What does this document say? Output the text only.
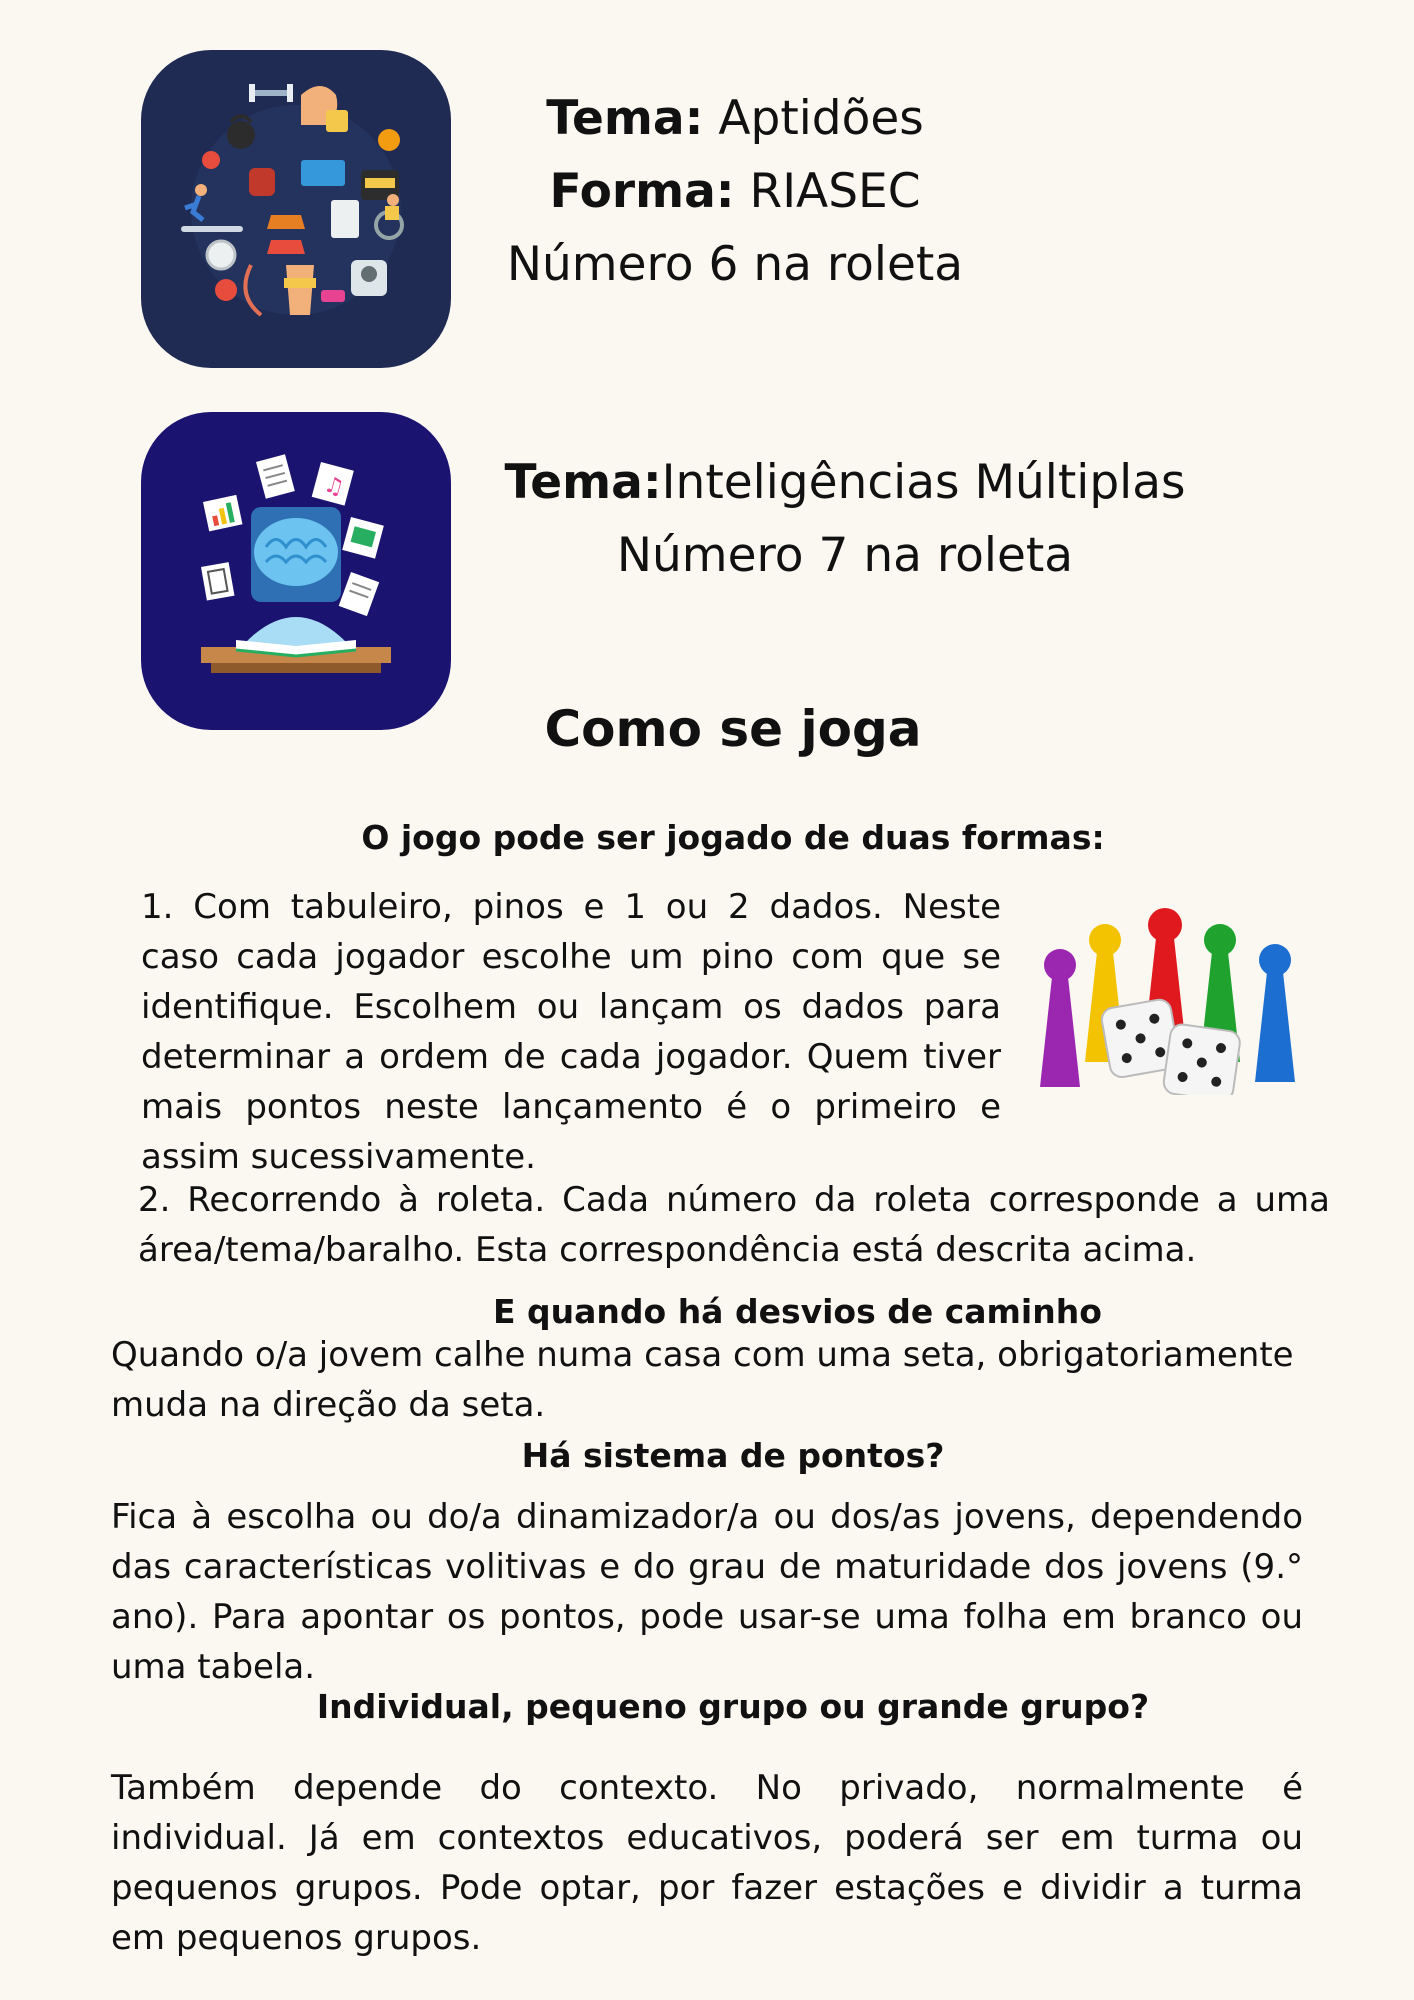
Tema: Aptidões
Forma: RIASEC
Número 6 na roleta
♫	Tema:Inteligências Múltiplas
Número 7 na roleta
Como se joga
O jogo pode ser jogado de duas formas:
1. Com tabuleiro, pinos e 1 ou 2 dados. Neste caso cada jogador escolhe um pino com que se identifique. Escolhem ou lançam os dados para determinar a ordem de cada jogador. Quem tiver mais pontos neste lançamento é o primeiro e assim sucessivamente.
2. Recorrendo à roleta. Cada número da roleta corresponde a uma área/tema/baralho. Esta correspondência está descrita acima.
E quando há desvios de caminho
Quando o/a jovem calhe numa casa com uma seta, obrigatoriamente muda na direção da seta.
Há sistema de pontos?
Fica à escolha ou do/a dinamizador/a ou dos/as jovens, dependendo das características volitivas e do grau de maturidade dos jovens (9.° ano). Para apontar os pontos, pode usar-se uma folha em branco ou uma tabela.
Individual, pequeno grupo ou grande grupo?
Também depende do contexto. No privado, normalmente é individual. Já em contextos educativos, poderá ser em turma ou pequenos grupos. Pode optar, por fazer estações e dividir a turma em pequenos grupos.
